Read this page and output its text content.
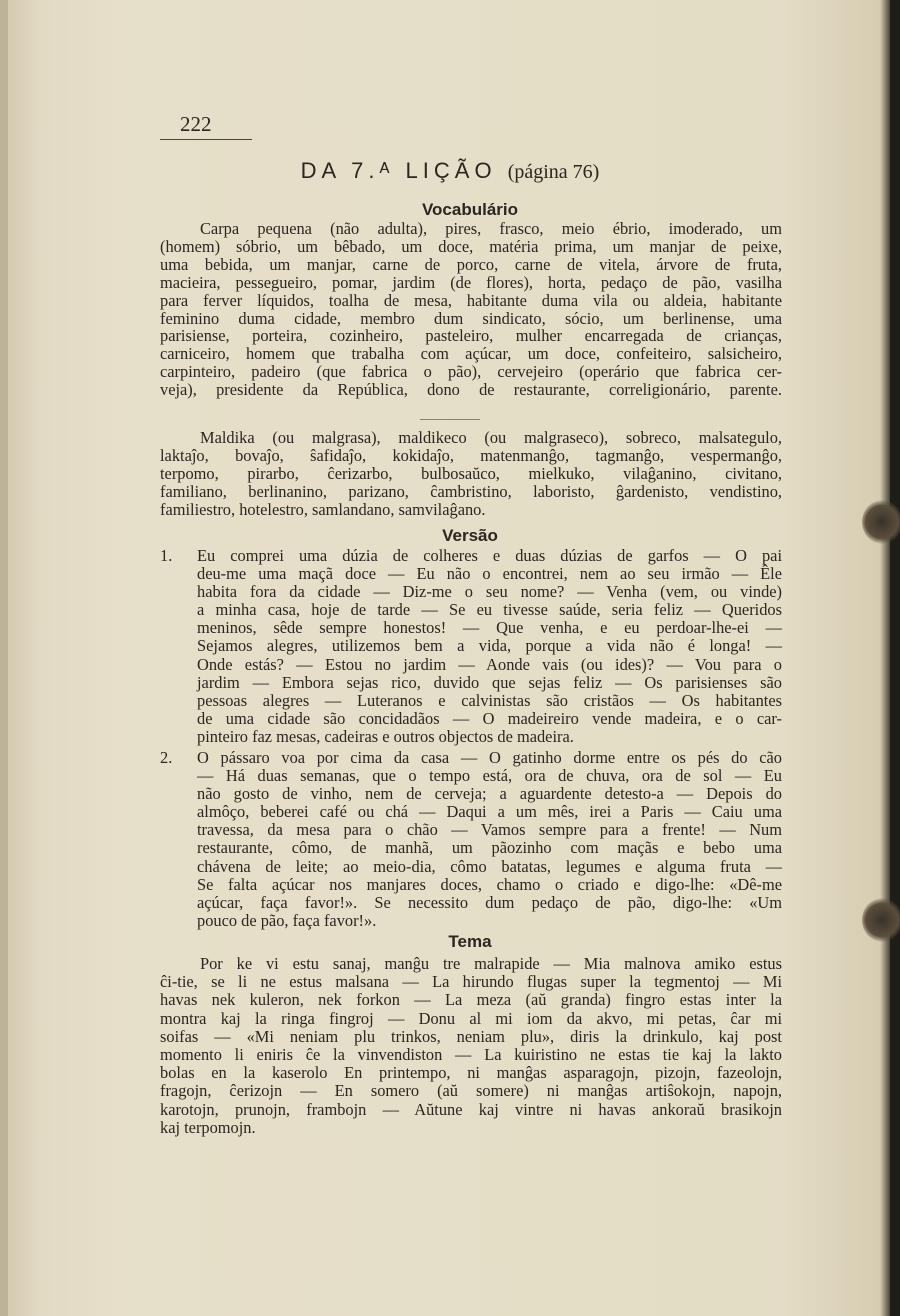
222
DA 7.ᴬ LIÇÃO (página 76)
Vocabulário
Carpa pequena (não adulta), pires, frasco, meio ébrio, imoderado, um
(homem) sóbrio, um bêbado, um doce, matéria prima, um manjar de peixe,
uma bebida, um manjar, carne de porco, carne de vitela, árvore de fruta,
macieira, pessegueiro, pomar, jardim (de flores), horta, pedaço de pão, vasilha
para ferver líquidos, toalha de mesa, habitante duma vila ou aldeia, habitante
feminino duma cidade, membro dum sindicato, sócio, um berlinense, uma
parisiense, porteira, cozinheiro, pasteleiro, mulher encarregada de crianças,
carniceiro, homem que trabalha com açúcar, um doce, confeiteiro, salsicheiro,
carpinteiro, padeiro (que fabrica o pão), cervejeiro (operário que fabrica cer-
veja), presidente da República, dono de restaurante, correligionário, parente.
Maldika (ou malgrasa), maldikeco (ou malgraseco), sobreco, malsategulo,
laktaĵo, bovaĵo, ŝafidaĵo, kokidaĵo, matenmanĝo, tagmanĝo, vespermanĝo,
terpomo, pirarbo, ĉerizarbo, bulbosaŭco, mielkuko, vilaĝanino, civitano,
familiano, berlinanino, parizano, ĉambristino, laboristo, ĝardenisto, vendistino,
familiestro, hotelestro, samlandano, samvilaĝano.
Versão
1.	Eu comprei uma dúzia de colheres e duas dúzias de garfos — O pai
deu-me uma maçã doce — Eu não o encontrei, nem ao seu irmão — Êle
habita fora da cidade — Diz-me o seu nome? — Venha (vem, ou vinde)
a minha casa, hoje de tarde — Se eu tivesse saúde, seria feliz — Queridos
meninos, sêde sempre honestos! — Que venha, e eu perdoar-lhe-ei —
Sejamos alegres, utilizemos bem a vida, porque a vida não é longa! —
Onde estás? — Estou no jardim — Aonde vais (ou ides)? — Vou para o
jardim — Embora sejas rico, duvido que sejas feliz — Os parisienses são
pessoas alegres — Luteranos e calvinistas são cristãos — Os habitantes
de uma cidade são concidadãos — O madeireiro vende madeira, e o car-
pinteiro faz mesas, cadeiras e outros objectos de madeira.
2.	O pássaro voa por cima da casa — O gatinho dorme entre os pés do cão
— Há duas semanas, que o tempo está, ora de chuva, ora de sol — Eu
não gosto de vinho, nem de cerveja; a aguardente detesto-a — Depois do
almôço, beberei café ou chá — Daqui a um mês, irei a Paris — Caiu uma
travessa, da mesa para o chão — Vamos sempre para a frente! — Num
restaurante, cômo, de manhã, um pãozinho com maçãs e bebo uma
chávena de leite; ao meio-dia, cômo batatas, legumes e alguma fruta —
Se falta açúcar nos manjares doces, chamo o criado e digo-lhe: «Dê-me
açúcar, faça favor!». Se necessito dum pedaço de pão, digo-lhe: «Um
pouco de pão, faça favor!».
Tema
Por ke vi estu sanaj, manĝu tre malrapide — Mia malnova amiko estus
ĉi-tie, se li ne estus malsana — La hirundo flugas super la tegmentoj — Mi
havas nek kuleron, nek forkon — La meza (aŭ granda) fingro estas inter la
montra kaj la ringa fingroj — Donu al mi iom da akvo, mi petas, ĉar mi
soifas — «Mi neniam plu trinkos, neniam plu», diris la drinkulo, kaj post
momento li eniris ĉe la vinvendiston — La kuiristino ne estas tie kaj la lakto
bolas en la kaserolo En printempo, ni manĝas asparagojn, pizojn, fazeolojn,
fragojn, ĉerizojn — En somero (aŭ somere) ni manĝas artiŝokojn, napojn,
karotojn, prunojn, frambojn — Aŭtune kaj vintre ni havas ankoraŭ brasikojn
kaj terpomojn.
